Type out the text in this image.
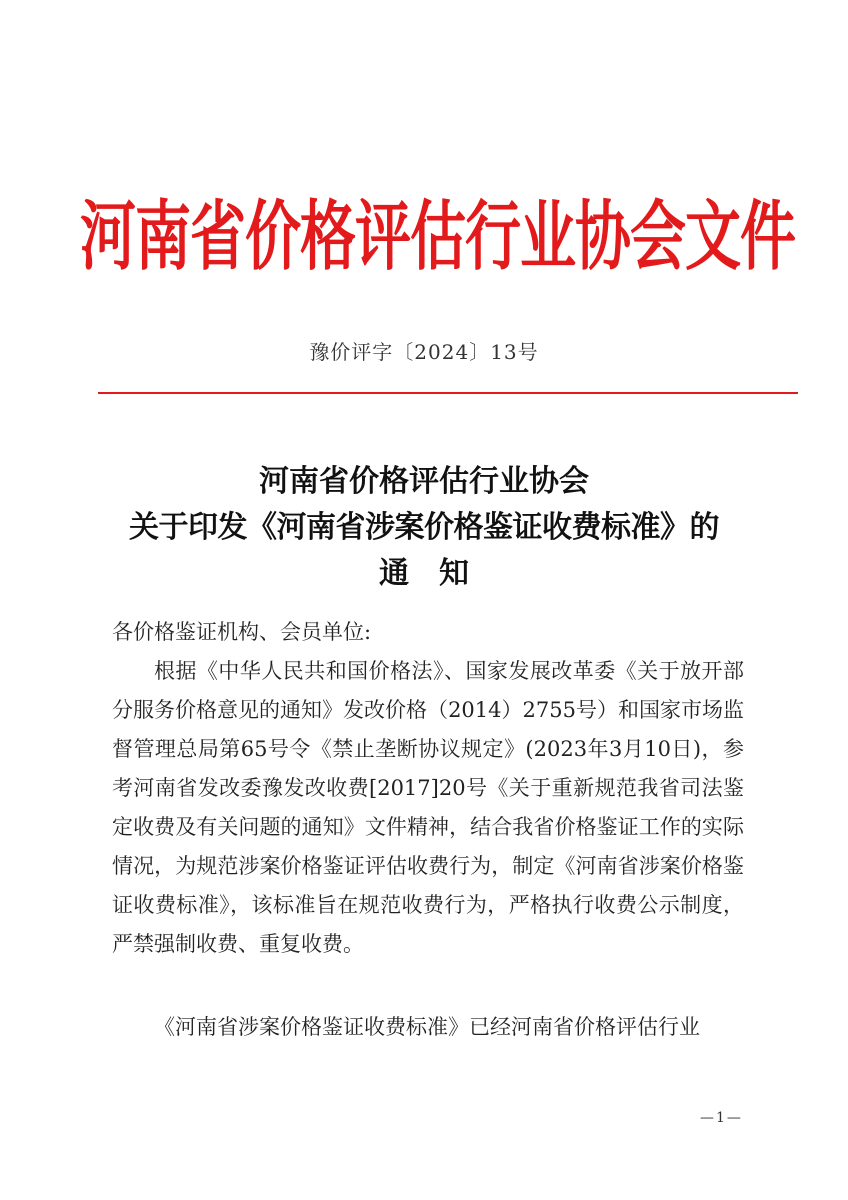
河南省价格评估行业协会文件
豫价评字〔2024〕13号
河南省价格评估行业协会
关于印发《河南省涉案价格鉴证收费标准》的
通知
各价格鉴证机构、会员单位:
根据《中华人民共和国价格法》、国家发展改革委《关于放开部分服务价格意见的通知》发改价格（2014）2755号）和国家市场监督管理总局第65号令《禁止垄断协议规定》(2023年3月10日)，参考河南省发改委豫发改收费[2017]20号《关于重新规范我省司法鉴定收费及有关问题的通知》文件精神，结合我省价格鉴证工作的实际情况，为规范涉案价格鉴证评估收费行为，制定《河南省涉案价格鉴证收费标准》，该标准旨在规范收费行为，严格执行收费公示制度，严禁强制收费、重复收费。
《河南省涉案价格鉴证收费标准》已经河南省价格评估行业
—1—
